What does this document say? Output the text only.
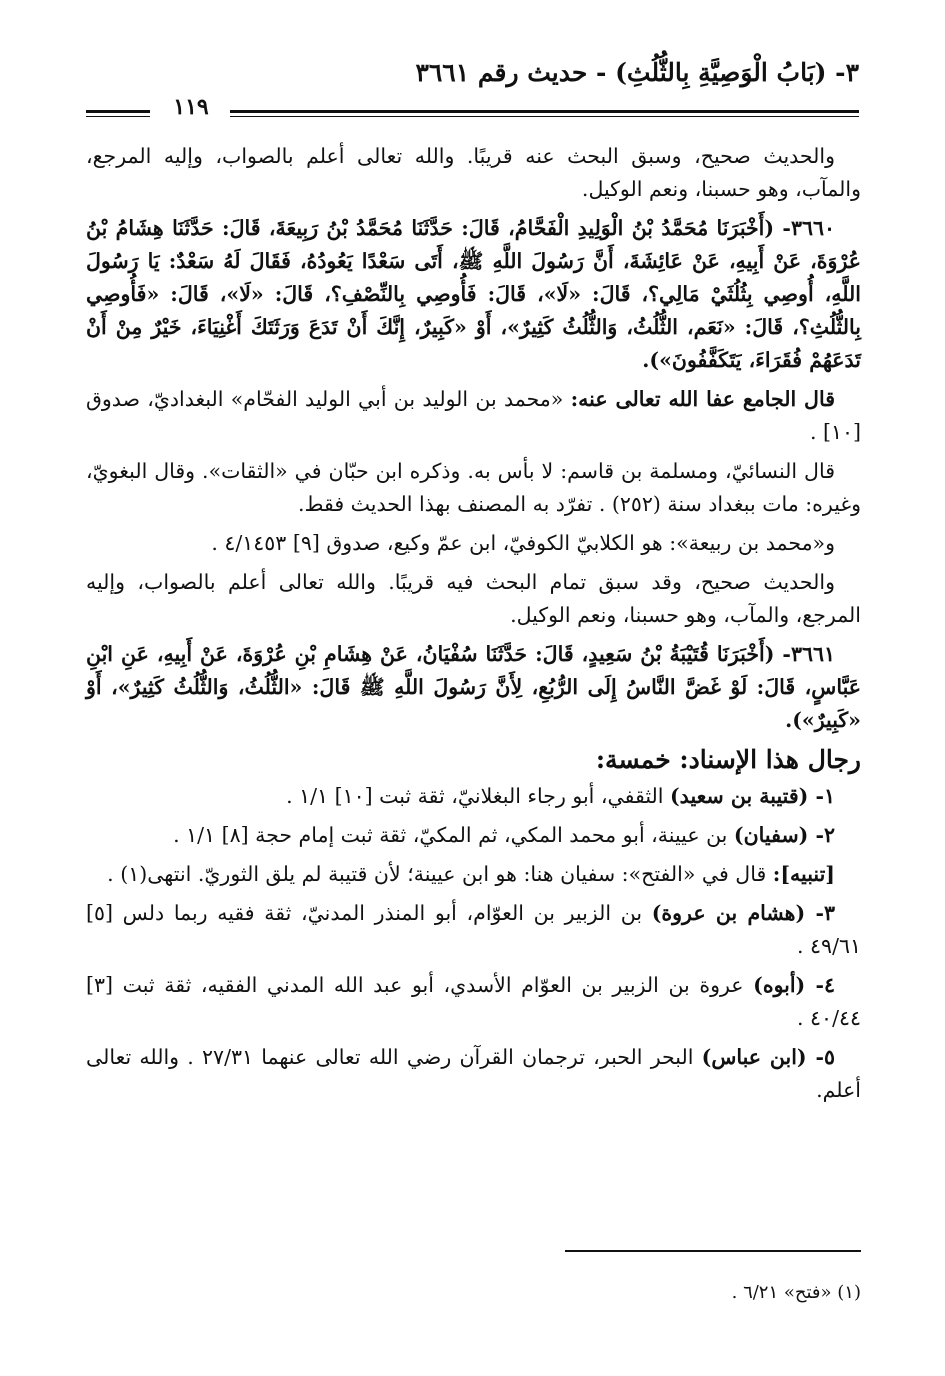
٣- (بَابُ الْوَصِيَّةِ بِالثُّلُثِ) - حديث رقم ٣٦٦١
١١٩

والحديث صحيح، وسبق البحث عنه قريبًا. والله تعالى أعلم بالصواب، وإليه المرجع، والمآب، وهو حسبنا، ونعم الوكيل.

٣٦٦٠- (أَخْبَرَنَا مُحَمَّدُ بْنُ الْوَلِيدِ الْفَحَّامُ، قَالَ: حَدَّثَنَا مُحَمَّدُ بْنُ رَبِيعَةَ، قَالَ: حَدَّثَنَا هِشَامُ بْنُ عُرْوَةَ، عَنْ أَبِيهِ، عَنْ عَائِشَةَ، أَنَّ رَسُولَ اللَّهِ ﷺ، أَتَى سَعْدًا يَعُودُهُ، فَقَالَ لَهُ سَعْدٌ: يَا رَسُولَ اللَّهِ، أُوصِي بِثُلُثَيْ مَالِي؟، قَالَ: «لَا»، قَالَ: فَأُوصِي بِالنِّصْفِ؟، قَالَ: «لَا»، قَالَ: «فَأُوصِي بِالثُّلُثِ؟، قَالَ: «نَعَم، الثُّلُثُ، وَالثُّلُثُ كَثِيرٌ»، أَوْ «كَبِيرٌ، إِنَّكَ أَنْ تَدَعَ وَرَثَتَكَ أَغْنِيَاءَ، خَيْرٌ مِنْ أَنْ تَدَعَهُمْ فُقَرَاءَ، يَتَكَفَّفُونَ»).

قال الجامع عفا الله تعالى عنه: «محمد بن الوليد بن أبي الوليد الفحّام» البغداديّ، صدوق [١٠] .

قال النسائيّ، ومسلمة بن قاسم: لا بأس به. وذكره ابن حبّان في «الثقات». وقال البغويّ، وغيره: مات ببغداد سنة (٢٥٢) . تفرّد به المصنف بهذا الحديث فقط.

و«محمد بن ربيعة»: هو الكلابيّ الكوفيّ، ابن عمّ وكيع، صدوق [٩] ٤/١٤٥٣ .

والحديث صحيح، وقد سبق تمام البحث فيه قريبًا. والله تعالى أعلم بالصواب، وإليه المرجع، والمآب، وهو حسبنا، ونعم الوكيل.

٣٦٦١- (أَخْبَرَنَا قُتَيْبَةُ بْنُ سَعِيدٍ، قَالَ: حَدَّثَنَا سُفْيَانُ، عَنْ هِشَامِ بْنِ عُرْوَةَ، عَنْ أَبِيهِ، عَنِ ابْنِ عَبَّاسٍ، قَالَ: لَوْ غَضَّ النَّاسُ إِلَى الرُّبُعِ، لِأَنَّ رَسُولَ اللَّهِ ﷺ قَالَ: «الثُّلُثُ، وَالثُّلُثُ كَثِيرٌ»، أَوْ «كَبِيرٌ»).

رجال هذا الإسناد: خمسة:

١- (قتيبة بن سعيد) الثقفي، أبو رجاء البغلانيّ، ثقة ثبت [١٠] ١/١ .

٢- (سفيان) بن عيينة، أبو محمد المكي، ثم المكيّ، ثقة ثبت إمام حجة [٨] ١/١ .

[تنبيه]: قال في «الفتح»: سفيان هنا: هو ابن عيينة؛ لأن قتيبة لم يلق الثوريّ. انتهى(١) .

٣- (هشام بن عروة) بن الزبير بن العوّام، أبو المنذر المدنيّ، ثقة فقيه ربما دلس [٥] ٤٩/٦١ .

٤- (أبوه) عروة بن الزبير بن العوّام الأسدي، أبو عبد الله المدني الفقيه، ثقة ثبت [٣] ٤٠/٤٤ .

٥- (ابن عباس) البحر الحبر، ترجمان القرآن رضي الله تعالى عنهما ٢٧/٣١ . والله تعالى أعلم.

(١) «فتح» ٦/٢١ .
